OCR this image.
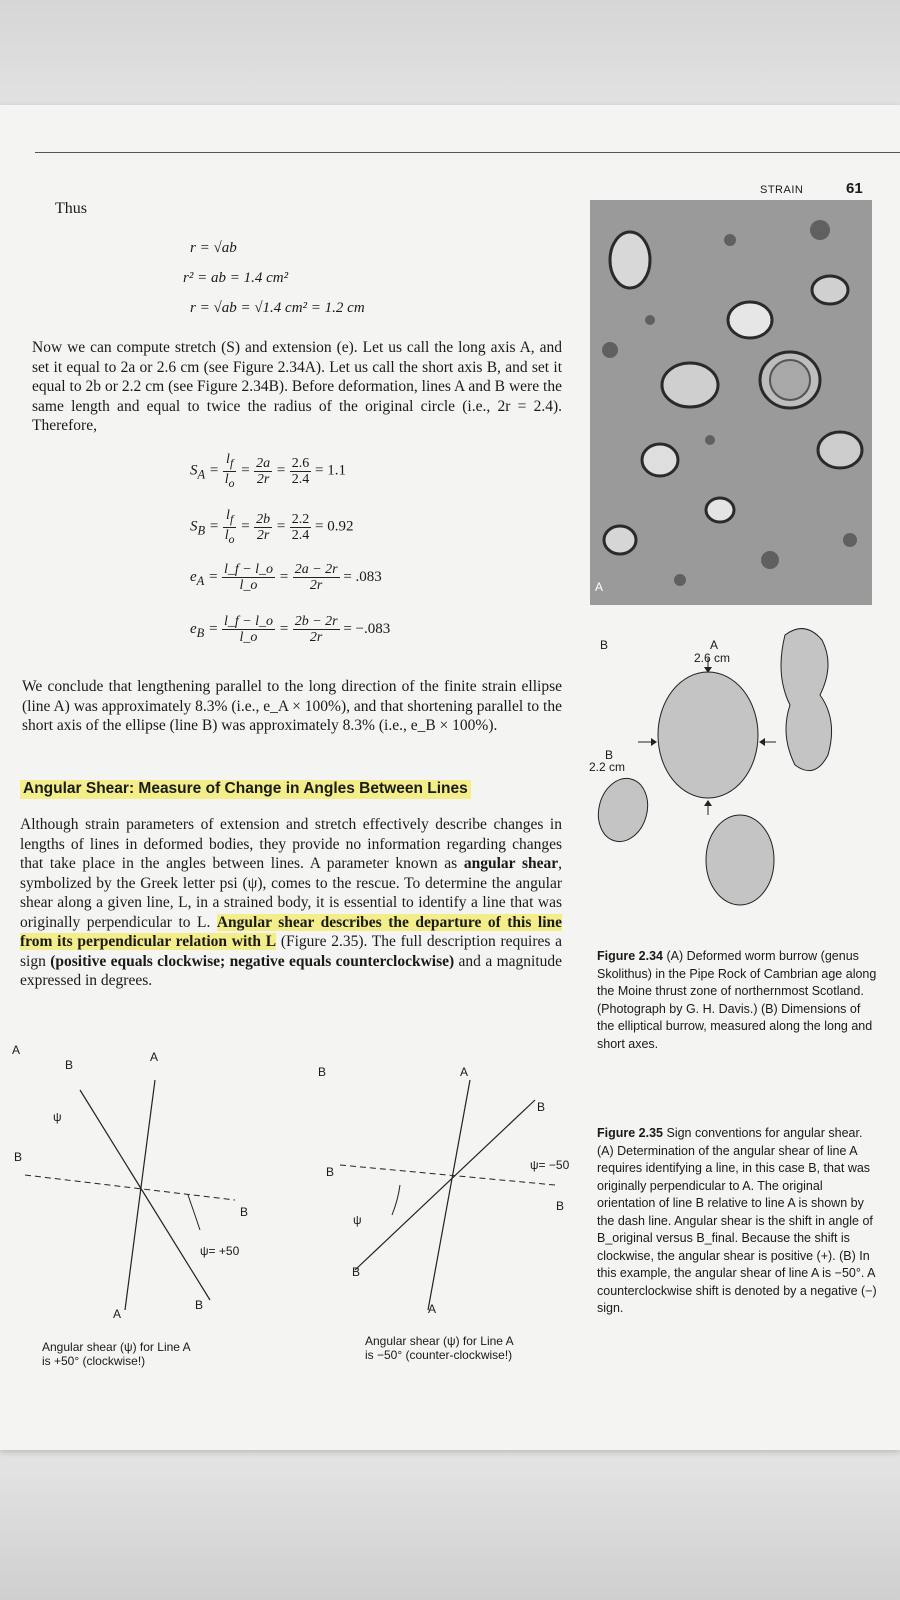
STRAIN	61
Thus
r = √ab
r² = ab = 1.4 cm²
r = √ab = √1.4 cm² = 1.2 cm
Now we can compute stretch (S) and extension (e). Let us call the long axis A, and set it equal to 2a or 2.6 cm (see Figure 2.34A). Let us call the short axis B, and set it equal to 2b or 2.2 cm (see Figure 2.34B). Before deformation, lines A and B were the same length and equal to twice the radius of the original circle (i.e., 2r = 2.4). Therefore,
$S_A = \frac{l_f}{l_o} = \frac{2a}{2r} = \frac{2.6}{2.4} = 1.1$
$S_B = \frac{l_f}{l_o} = \frac{2b}{2r} = \frac{2.2}{2.4} = 0.92$
$e_A = \frac{l\_f - l\_o}{l\_o} = \frac{2a - 2r}{2r} = .083$
$e_B = \frac{l\_f - l\_o}{l\_o} = \frac{2b - 2r}{2r} = -.083$
We conclude that lengthening parallel to the long direction of the finite strain ellipse (line A) was approximately 8.3% (i.e., e_A × 100%), and that shortening parallel to the short axis of the ellipse (line B) was approximately 8.3% (i.e., e_B × 100%).
Angular Shear: Measure of Change in Angles Between Lines
Although strain parameters of extension and stretch effectively describe changes in lengths of lines in deformed bodies, they provide no information regarding changes that take place in the angles between lines. A parameter known as angular shear, symbolized by the Greek letter psi (ψ), comes to the rescue. To determine the angular shear along a given line, L, in a strained body, it is essential to identify a line that was originally perpendicular to L. Angular shear describes the departure of this line from its perpendicular relation with L (Figure 2.35). The full description requires a sign (positive equals clockwise; negative equals counterclockwise) and a magnitude expressed in degrees.
A
B	A
2.6 cm
B
2.2 cm
Figure 2.34 (A) Deformed worm burrow (genus Skolithus) in the Pipe Rock of Cambrian age along the Moine thrust zone of northernmost Scotland. (Photograph by G. H. Davis.) (B) Dimensions of the elliptical burrow, measured along the long and short axes.
A
B
A
ψ
B
B
ψ= +50
A
B
Angular shear (ψ) for Line A
is +50° (clockwise!)
B	A
B
ψ= −50
B
B
ψ
B
A
Angular shear (ψ) for Line A
is −50° (counter-clockwise!)
Figure 2.35 Sign conventions for angular shear. (A) Determination of the angular shear of line A requires identifying a line, in this case B, that was originally perpendicular to A. The original orientation of line B relative to line A is shown by the dash line. Angular shear is the shift in angle of B_original versus B_final. Because the shift is clockwise, the angular shear is positive (+). (B) In this example, the angular shear of line A is −50°. A counterclockwise shift is denoted by a negative (−) sign.
